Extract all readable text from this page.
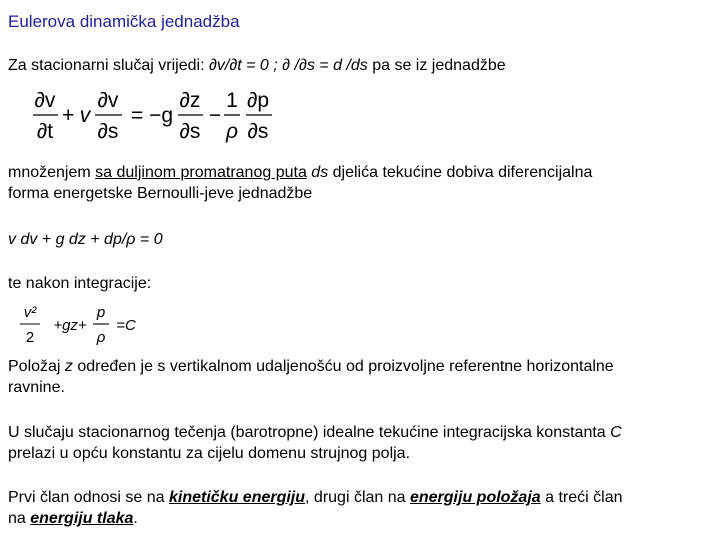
Eulerova dinamička jednadžba
Za stacionarni slučaj vrijedi: ∂v/∂t = 0 ; ∂ /∂s = d /ds pa se iz jednadžbe
∂v
∂t
+ v
∂v
∂s
= −g
∂z
∂s
−
1
ρ
∂p
∂s
množenjem sa duljinom promatranog puta ds djelića tekućine dobiva diferencijalna
forma energetske Bernoulli-jeve jednadžbe
v dv + g dz + dp/ρ = 0
te nakon integracije:
v²
2
+gz+
p
ρ
=C
Položaj z određen je s vertikalnom udaljenošću od proizvoljne referentne horizontalne
ravnine.
U slučaju stacionarnog tečenja (barotropne) idealne tekućine integracijska konstanta C
prelazi u opću konstantu za cijelu domenu strujnog polja.
Prvi član odnosi se na kinetičku energiju, drugi član na energiju položaja a treći član
na energiju tlaka.
